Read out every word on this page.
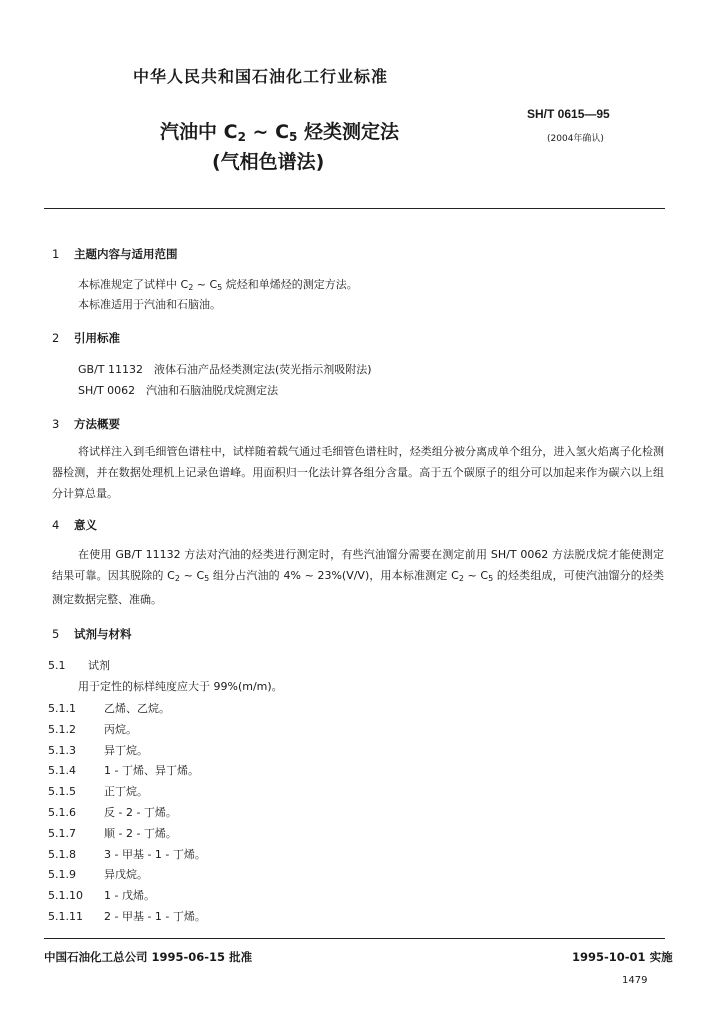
中华人民共和国石油化工行业标准
SH/T 0615—95
(2004年确认)
汽油中 $C_2$ ~ $C_5$ 烃类测定法
(气相色谱法)
1 主题内容与适用范围
本标准规定了试样中 C2 ~ C5 烷烃和单烯烃的测定方法。
本标准适用于汽油和石脑油。
2 引用标准
GB/T 11132　液体石油产品烃类测定法(荧光指示剂吸附法)
SH/T 0062　汽油和石脑油脱戊烷测定法
3 方法概要
将试样注入到毛细管色谱柱中，试样随着载气通过毛细管色谱柱时，烃类组分被分离成单个组分，进入氢火焰离子化检测器检测，并在数据处理机上记录色谱峰。用面积归一化法计算各组分含量。高于五个碳原子的组分可以加起来作为碳六以上组分计算总量。
4 意义
在使用 GB/T 11132 方法对汽油的烃类进行测定时，有些汽油馏分需要在测定前用 SH/T 0062 方法脱戊烷才能使测定结果可靠。因其脱除的 C2 ~ C5 组分占汽油的 4% ~ 23%(V/V)，用本标准测定 C2 ~ C5 的烃类组成，可使汽油馏分的烃类测定数据完整、准确。
5 试剂与材料
5.1 试剂
用于定性的标样纯度应大于 99%(m/m)。
5.1.1	乙烯、乙烷。
5.1.2	丙烷。
5.1.3	异丁烷。
5.1.4	1 - 丁烯、异丁烯。
5.1.5	正丁烷。
5.1.6	反 - 2 - 丁烯。
5.1.7	顺 - 2 - 丁烯。
5.1.8	3 - 甲基 - 1 - 丁烯。
5.1.9	异戊烷。
5.1.10 1 - 戊烯。
5.1.11 2 - 甲基 - 1 - 丁烯。
中国石油化工总公司 1995-06-15 批准	1995-10-01 实施
1479
